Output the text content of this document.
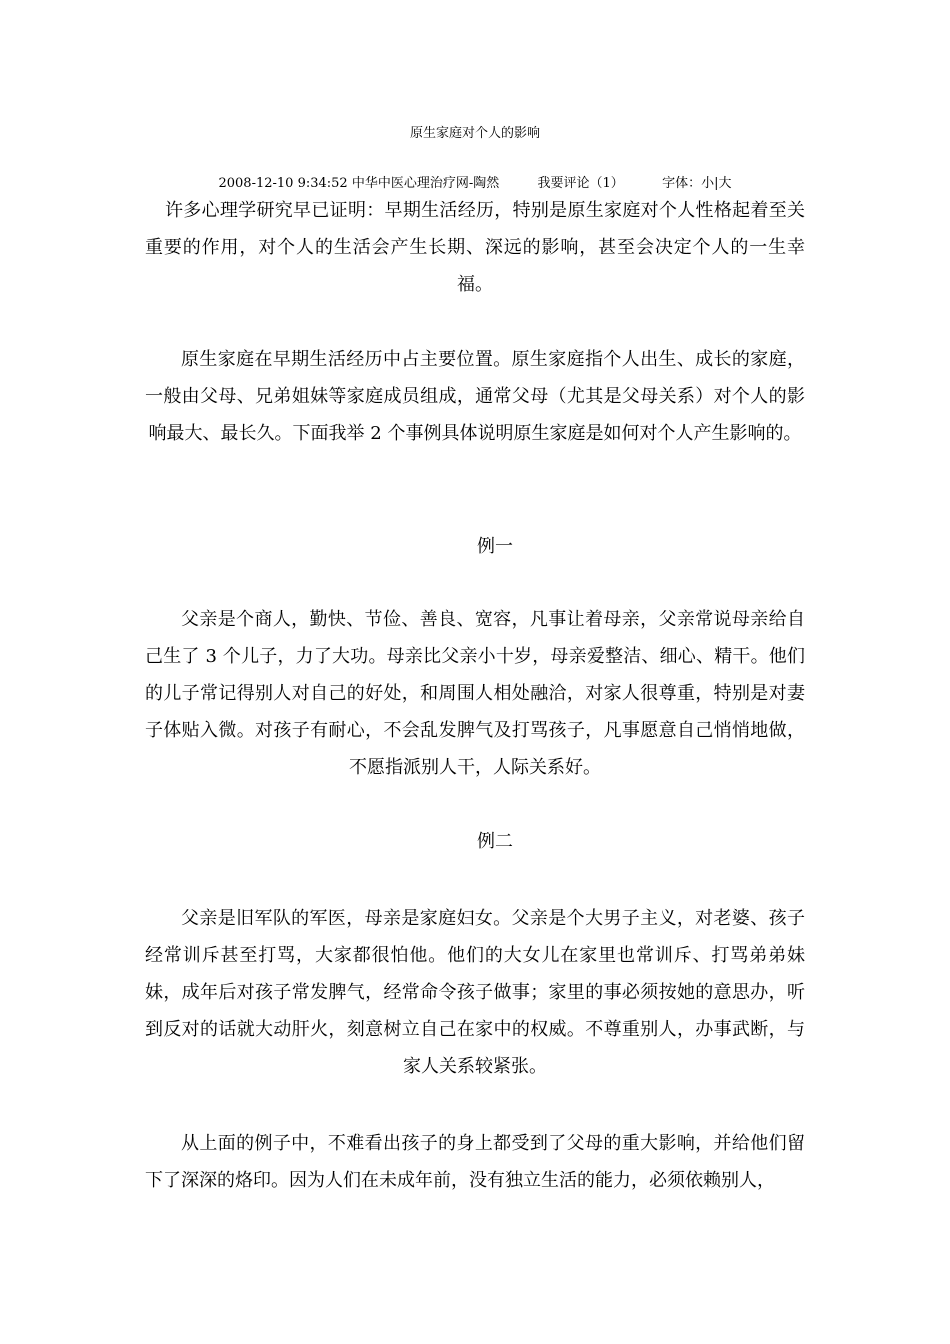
原生家庭对个人的影响
2008-12-10 9:34:52 中华中医心理治疗网-陶然	我要评论（1）	字体：小|大

许多心理学研究早已证明：早期生活经历，特别是原生家庭对个人性格起着至关重要的作用，对个人的生活会产生长期、深远的影响，甚至会决定个人的一生幸福。

原生家庭在早期生活经历中占主要位置。原生家庭指个人出生、成长的家庭，一般由父母、兄弟姐妹等家庭成员组成，通常父母（尤其是父母关系）对个人的影响最大、最长久。下面我举 2 个事例具体说明原生家庭是如何对个人产生影响的。

例一

父亲是个商人，勤快、节俭、善良、宽容，凡事让着母亲，父亲常说母亲给自己生了 3 个儿子，力了大功。母亲比父亲小十岁，母亲爱整洁、细心、精干。他们的儿子常记得别人对自己的好处，和周围人相处融洽，对家人很尊重，特别是对妻子体贴入微。对孩子有耐心，不会乱发脾气及打骂孩子，凡事愿意自己悄悄地做，不愿指派别人干，人际关系好。

例二

父亲是旧军队的军医，母亲是家庭妇女。父亲是个大男子主义，对老婆、孩子经常训斥甚至打骂，大家都很怕他。他们的大女儿在家里也常训斥、打骂弟弟妹妹，成年后对孩子常发脾气，经常命令孩子做事；家里的事必须按她的意思办，听到反对的话就大动肝火，刻意树立自己在家中的权威。不尊重别人，办事武断，与家人关系较紧张。

从上面的例子中，不难看出孩子的身上都受到了父母的重大影响，并给他们留下了深深的烙印。因为人们在未成年前，没有独立生活的能力，必须依赖别人，
